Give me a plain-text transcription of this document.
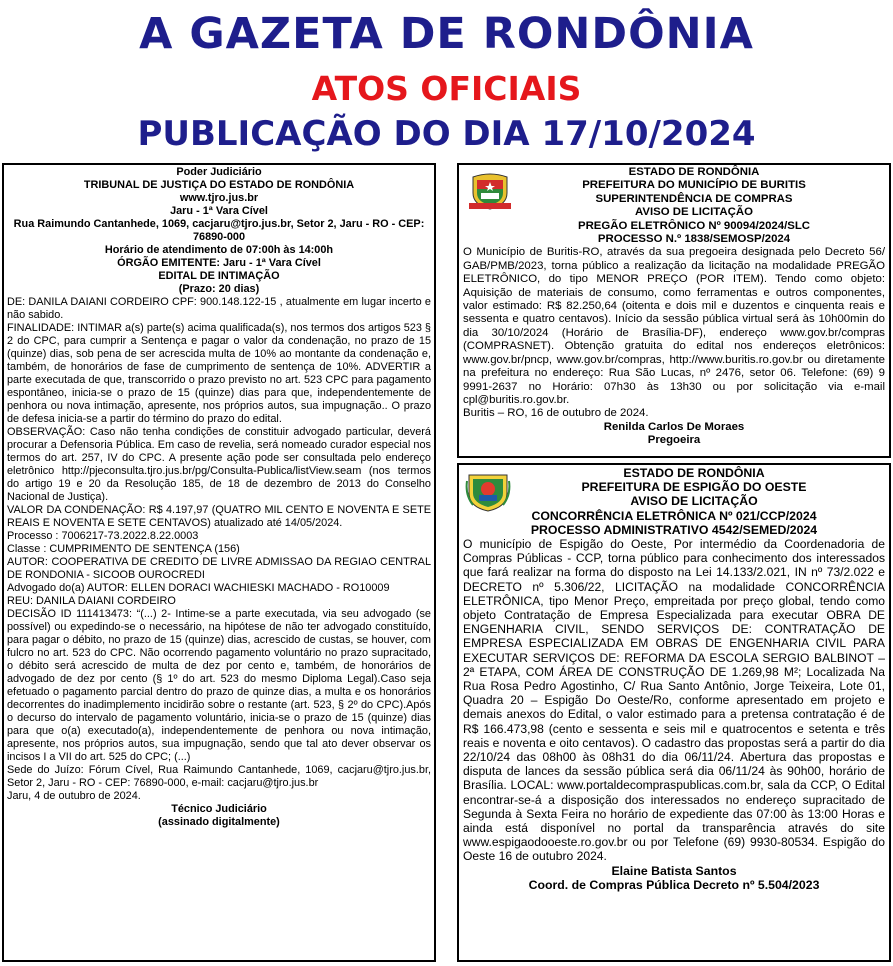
A GAZETA DE RONDÔNIA
ATOS OFICIAIS
PUBLICAÇÃO DO DIA 17/10/2024
Poder Judiciário
TRIBUNAL DE JUSTIÇA DO ESTADO DE RONDÔNIA
www.tjro.jus.br
Jaru - 1ª Vara Cível
Rua Raimundo Cantanhede, 1069, cacjaru@tjro.jus.br, Setor 2, Jaru - RO - CEP: 76890-000
Horário de atendimento de 07:00h às 14:00h
ÓRGÃO EMITENTE: Jaru - 1ª Vara Cível
EDITAL DE INTIMAÇÃO
(Prazo: 20 dias)

DE: DANILA DAIANI CORDEIRO CPF: 900.148.122-15 , atualmente em lugar incerto e não sabido.

FINALIDADE: INTIMAR a(s) parte(s) acima qualificada(s), nos termos dos artigos 523 § 2 do CPC, para cumprir a Sentença e pagar o valor da condenação, no prazo de 15 (quinze) dias, sob pena de ser acrescida multa de 10% ao montante da condenação e, também, de honorários de fase de cumprimento de sentença de 10%. ADVERTIR a parte executada de que, transcorrido o prazo previsto no art. 523 CPC para pagamento espontâneo, inicia-se o prazo de 15 (quinze) dias para que, independentemente de penhora ou nova intimação, apresente, nos próprios autos, sua impugnação.. O prazo de defesa inicia-se a partir do término do prazo do edital.

OBSERVAÇÃO: Caso não tenha condições de constituir advogado particular, deverá procurar a Defensoria Pública. Em caso de revelia, será nomeado curador especial nos termos do art. 257, IV do CPC. A presente ação pode ser consultada pelo endereço eletrônico http://pjeconsulta.tjro.jus.br/pg/Consulta-Publica/listView.seam (nos termos do artigo 19 e 20 da Resolução 185, de 18 de dezembro de 2013 do Conselho Nacional de Justiça).

VALOR DA CONDENAÇÃO: R$ 4.197,97 (QUATRO MIL CENTO E NOVENTA E SETE REAIS E NOVENTA E SETE CENTAVOS) atualizado até 14/05/2024.

Processo : 7006217-73.2022.8.22.0003

Classe : CUMPRIMENTO DE SENTENÇA (156)

AUTOR: COOPERATIVA DE CREDITO DE LIVRE ADMISSAO DA REGIAO CENTRAL DE RONDONIA - SICOOB OUROCREDI

Advogado do(a) AUTOR: ELLEN DORACI WACHIESKI MACHADO - RO10009

REU: DANILA DAIANI CORDEIRO

DECISÃO ID 111413473: “(...) 2- Intime-se a parte executada, via seu advogado (se possível) ou expedindo-se o necessário, na hipótese de não ter advogado constituído, para pagar o débito, no prazo de 15 (quinze) dias, acrescido de custas, se houver, com fulcro no art. 523 do CPC. Não ocorrendo pagamento voluntário no prazo supracitado, o débito será acrescido de multa de dez por cento e, também, de honorários de advogado de dez por cento (§ 1º do art. 523 do mesmo Diploma Legal).Caso seja efetuado o pagamento parcial dentro do prazo de quinze dias, a multa e os honorários decorrentes do inadimplemento incidirão sobre o restante (art. 523, § 2º do CPC).Após o decurso do intervalo de pagamento voluntário, inicia-se o prazo de 15 (quinze) dias para que o(a) executado(a), independentemente de penhora ou nova intimação, apresente, nos próprios autos, sua impugnação, sendo que tal ato dever observar os incisos I a VII do art. 525 do CPC; (...)

Sede do Juízo: Fórum Cível, Rua Raimundo Cantanhede, 1069, cacjaru@tjro.jus.br, Setor 2, Jaru - RO - CEP: 76890-000, e-mail: cacjaru@tjro.jus.br

Jaru, 4 de outubro de 2024.

Técnico Judiciário
(assinado digitalmente)
ESTADO DE RONDÔNIA
PREFEITURA DO MUNICÍPIO DE BURITIS
SUPERINTENDÊNCIA DE COMPRAS
AVISO DE LICITAÇÃO
PREGÃO ELETRÔNICO Nº 90094/2024/SLC
PROCESSO N.º 1838/SEMOSP/2024

O Município de Buritis-RO, através da sua pregoeira designada pelo Decreto 56/ GAB/PMB/2023, torna público a realização da licitação na modalidade PREGÃO ELETRÔNICO, do tipo MENOR PREÇO (POR ITEM). Tendo como objeto: Aquisição de materiais de consumo, como ferramentas e outros componentes, valor estimado: R$ 82.250,64 (oitenta e dois mil e duzentos e cinquenta reais e sessenta e quatro centavos). Início da sessão pública virtual será às 10h00min do dia 30/10/2024 (Horário de Brasília-DF), endereço www.gov.br/compras (COMPRASNET). Obtenção gratuita do edital nos endereços eletrônicos: www.gov.br/pncp, www.gov.br/compras, http://www.buritis.ro.gov.br ou diretamente na prefeitura no endereço: Rua São Lucas, nº 2476, setor 06. Telefone: (69) 9 9991-2637 no Horário: 07h30 às 13h30 ou por solicitação via e-mail cpl@buritis.ro.gov.br.

Buritis – RO, 16 de outubro de 2024.

Renilda Carlos De Moraes
Pregoeira
ESTADO DE RONDÔNIA
PREFEITURA DE ESPIGÃO DO OESTE
AVISO DE LICITAÇÃO
CONCORRÊNCIA ELETRÔNICA Nº 021/CCP/2024
PROCESSO ADMINISTRATIVO 4542/SEMED/2024

O município de Espigão do Oeste, Por intermédio da Coordenadoria de Compras Públicas - CCP, torna público para conhecimento dos interessados que fará realizar na forma do disposto na Lei 14.133/2.021, IN nº 73/2.022 e DECRETO nº 5.306/22, LICITAÇÃO na modalidade CONCORRÊNCIA ELETRÔNICA, tipo Menor Preço, empreitada por preço global, tendo como objeto Contratação de Empresa Especializada para executar OBRA DE ENGENHARIA CIVIL, SENDO SERVIÇOS DE: CONTRATAÇÃO DE EMPRESA ESPECIALIZADA EM OBRAS DE ENGENHARIA CIVIL PARA EXECUTAR SERVIÇOS DE: REFORMA DA ESCOLA SERGIO BALBINOT – 2ª ETAPA, COM ÁREA DE CONSTRUÇÃO DE 1.269,98 M²; Localizada Na Rua Rosa Pedro Agostinho, C/ Rua Santo Antônio, Jorge Teixeira, Lote 01, Quadra 20 – Espigão Do Oeste/Ro, conforme apresentado em projeto e demais anexos do Edital, o valor estimado para a pretensa contratação é de R$ 166.473,98 (cento e sessenta e seis mil e quatrocentos e setenta e três reais e noventa e oito centavos). O cadastro das propostas será a partir do dia 22/10/24 das 08h00 às 08h31 do dia 06/11/24. Abertura das propostas e disputa de lances da sessão pública será dia 06/11/24 às 90h00, horário de Brasília. LOCAL: www.portaldecompraspublicas.com.br, sala da CCP, O Edital encontrar-se-á a disposição dos interessados no endereço supracitado de Segunda à Sexta Feira no horário de expediente das 07:00 às 13:00 Horas e ainda está disponível no portal da transparência através do site www.espigaodooeste.ro.gov.br ou por Telefone (69) 9930-80534. Espigão do Oeste 16 de outubro 2024.

Elaine Batista Santos
Coord. de Compras Pública Decreto nº 5.504/2023
